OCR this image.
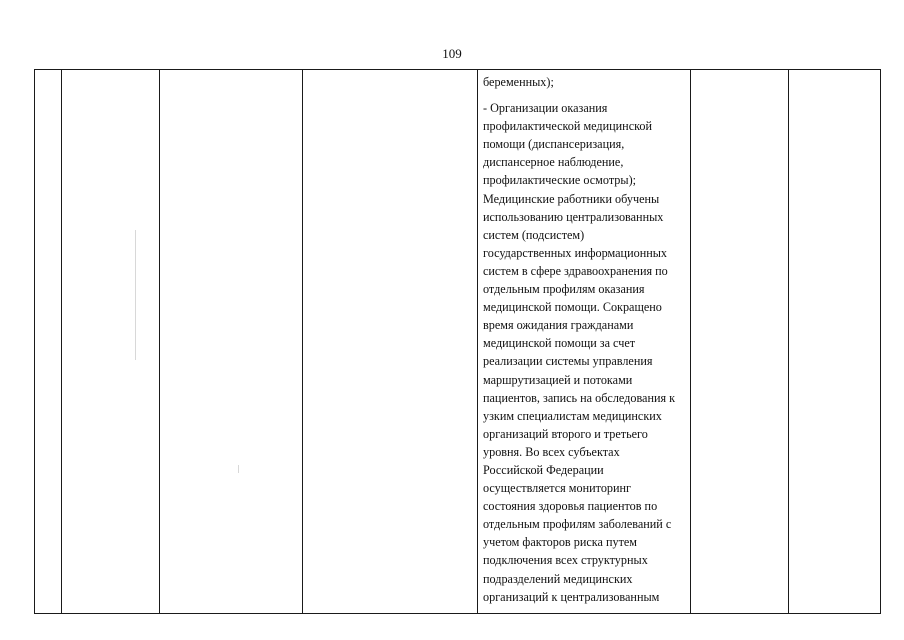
109

беременных);

- Организации оказания

профилактической медицинской

помощи (диспансеризация,

диспансерное наблюдение,

профилактические осмотры);

Медицинские работники обучены

использованию централизованных

систем (подсистем)

государственных информационных

систем в сфере здравоохранения по

отдельным профилям оказания

медицинской помощи. Сокращено

время ожидания гражданами

медицинской помощи за счет

реализации системы управления

маршрутизацией и потоками

пациентов, запись на обследования к

узким специалистам медицинских

организаций второго и третьего

уровня. Во всех субъектах

Российской Федерации

осуществляется мониторинг

состояния здоровья пациентов по

отдельным профилям заболеваний с

учетом факторов риска путем

подключения всех структурных

подразделений медицинских

организаций к централизованным
